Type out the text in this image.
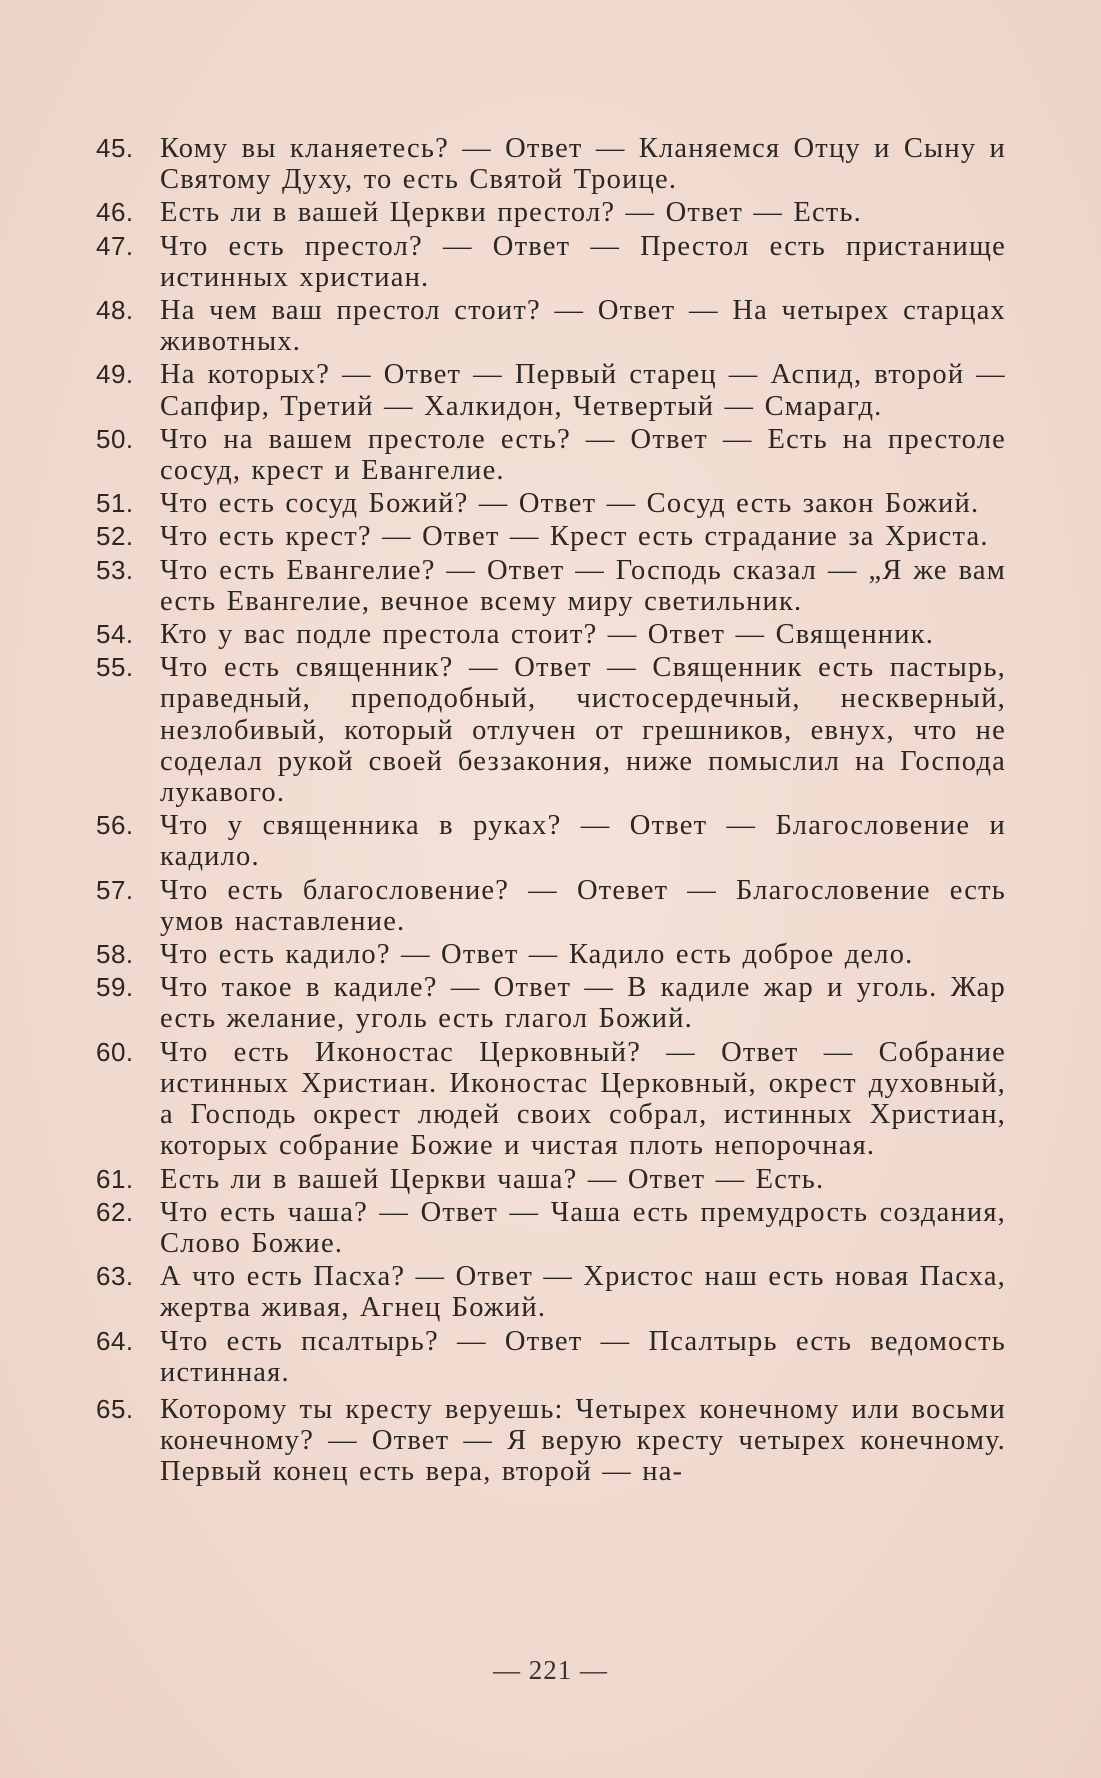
45. Кому вы кланяетесь? — Ответ — Кланяемся Отцу и Сыну и Святому Духу, то есть Святой Троице.
46. Есть ли в вашей Церкви престол? — Ответ — Есть.
47. Что есть престол? — Ответ — Престол есть пристанище истинных христиан.
48. На чем ваш престол стоит? — Ответ — На четырех старцах животных.
49. На которых? — Ответ — Первый старец — Аспид, второй — Сапфир, Третий — Халкидон, Четвертый — Смарагд.
50. Что на вашем престоле есть? — Ответ — Есть на престоле сосуд, крест и Евангелие.
51. Что есть сосуд Божий? — Ответ — Сосуд есть закон Божий.
52. Что есть крест? — Ответ — Крест есть страдание за Христа.
53. Что есть Евангелие? — Ответ — Господь сказал — „Я же вам есть Евангелие, вечное всему миру светильник.
54. Кто у вас подле престола стоит? — Ответ — Священник.
55. Что есть священник? — Ответ — Священник есть пастырь, праведный, преподобный, чистосердечный, нескверный, незлобивый, который отлучен от грешников, евнух, что не соделал рукой своей беззакония, ниже помыслил на Господа лукавого.
56. Что у священника в руках? — Ответ — Благословение и кадило.
57. Что есть благословение? — Отевет — Благословение есть умов наставление.
58. Что есть кадило? — Ответ — Кадило есть доброе дело.
59. Что такое в кадиле? — Ответ — В кадиле жар и уголь. Жар есть желание, уголь есть глагол Божий.
60. Что есть Иконостас Церковный? — Ответ — Собрание истинных Христиан. Иконостас Церковный, окрест духовный, а Господь окрест людей своих собрал, истинных Христиан, которых собрание Божие и чистая плоть непорочная.
61. Есть ли в вашей Церкви чаша? — Ответ — Есть.
62. Что есть чаша? — Ответ — Чаша есть премудрость создания, Слово Божие.
63. А что есть Пасха? — Ответ — Христос наш есть новая Пасха, жертва живая, Агнец Божий.
64. Что есть псалтырь? — Ответ — Псалтырь есть ведомость истинная.
65. Которому ты кресту веруешь: Четырех конечному или восьми конечному? — Ответ — Я верую кресту четырех конечному. Первый конец есть вера, второй — на-
— 221 —
